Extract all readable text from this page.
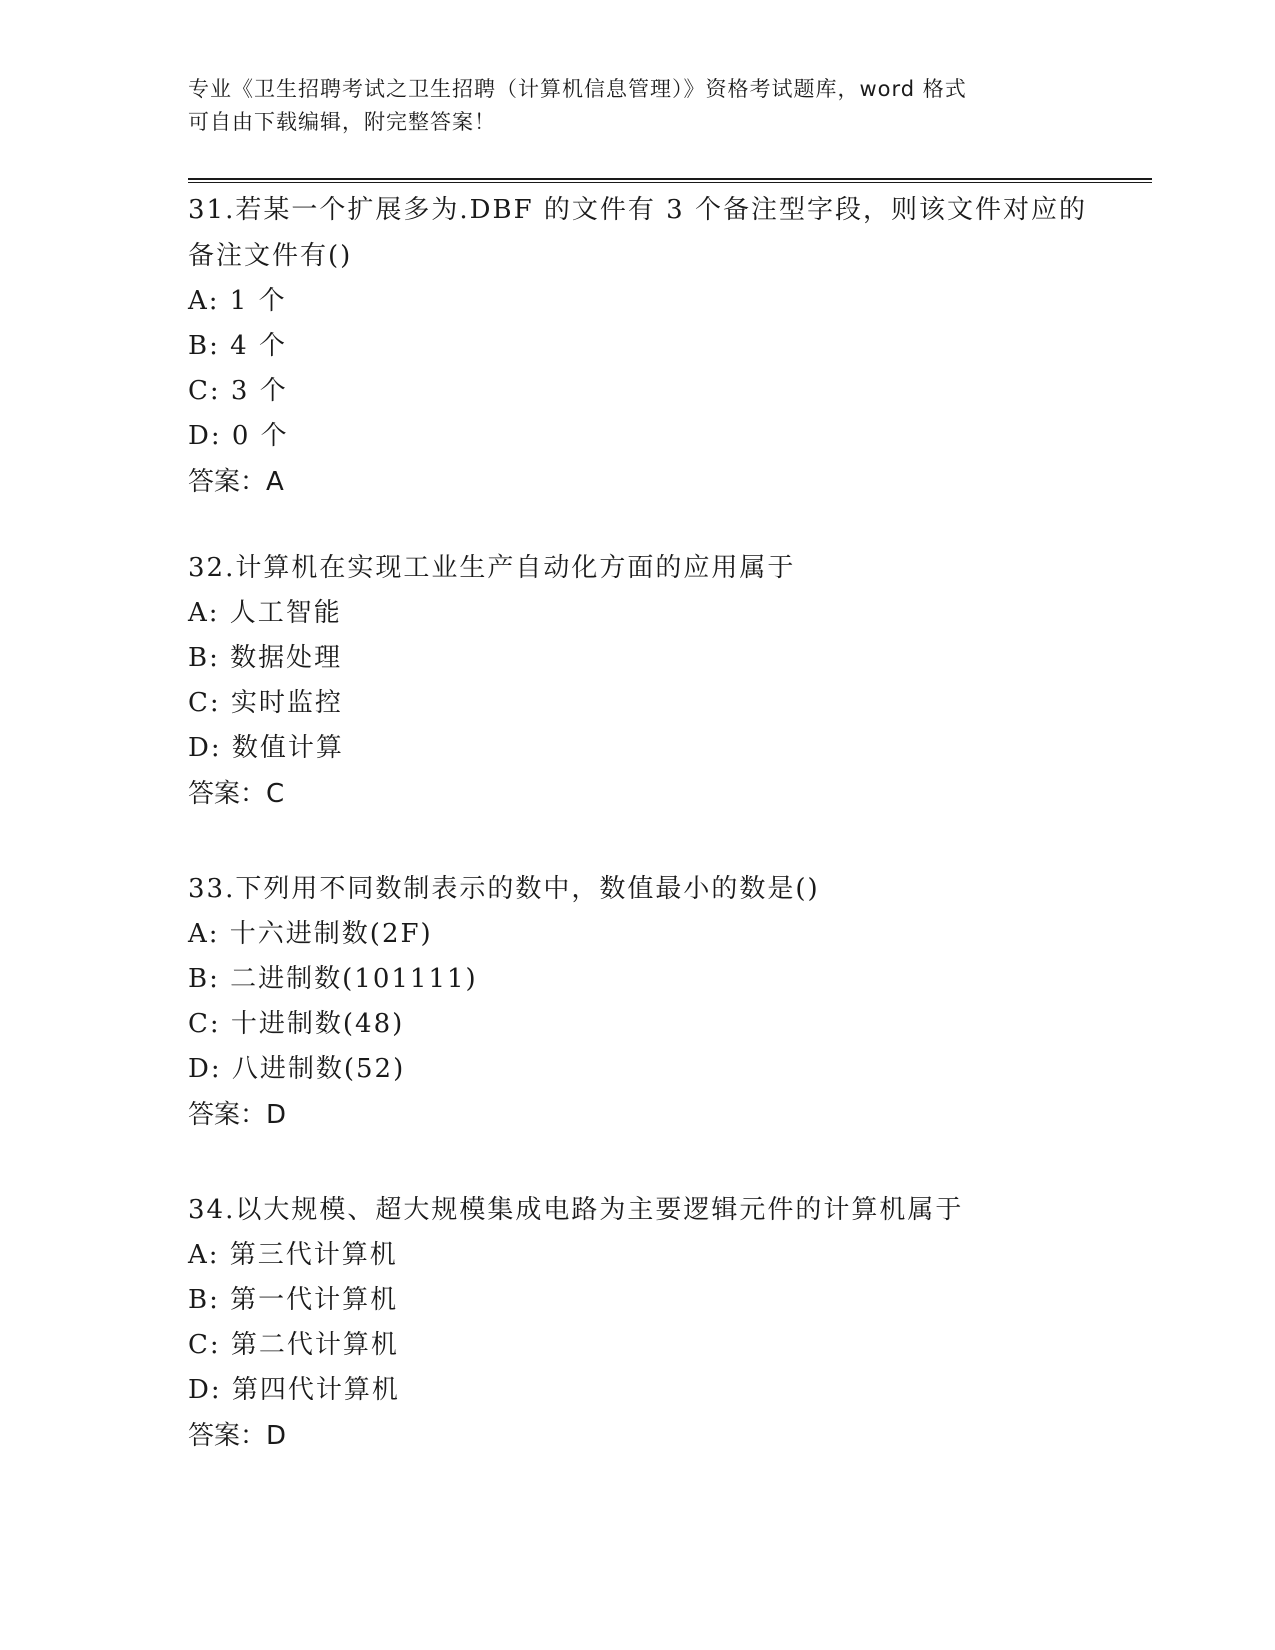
专业《卫生招聘考试之卫生招聘（计算机信息管理）》资格考试题库，word 格式
可自由下载编辑，附完整答案！

31.若某一个扩展多为.DBF 的文件有 3 个备注型字段，则该文件对应的

备注文件有()

A: 1 个

B: 4 个

C: 3 个

D: 0 个

答案：A

32.计算机在实现工业生产自动化方面的应用属于

A: 人工智能

B: 数据处理

C: 实时监控

D: 数值计算

答案：C

33.下列用不同数制表示的数中，数值最小的数是()

A: 十六进制数(2F)

B: 二进制数(101111)

C: 十进制数(48)

D: 八进制数(52)

答案：D

34.以大规模、超大规模集成电路为主要逻辑元件的计算机属于

A: 第三代计算机

B: 第一代计算机

C: 第二代计算机

D: 第四代计算机

答案：D
